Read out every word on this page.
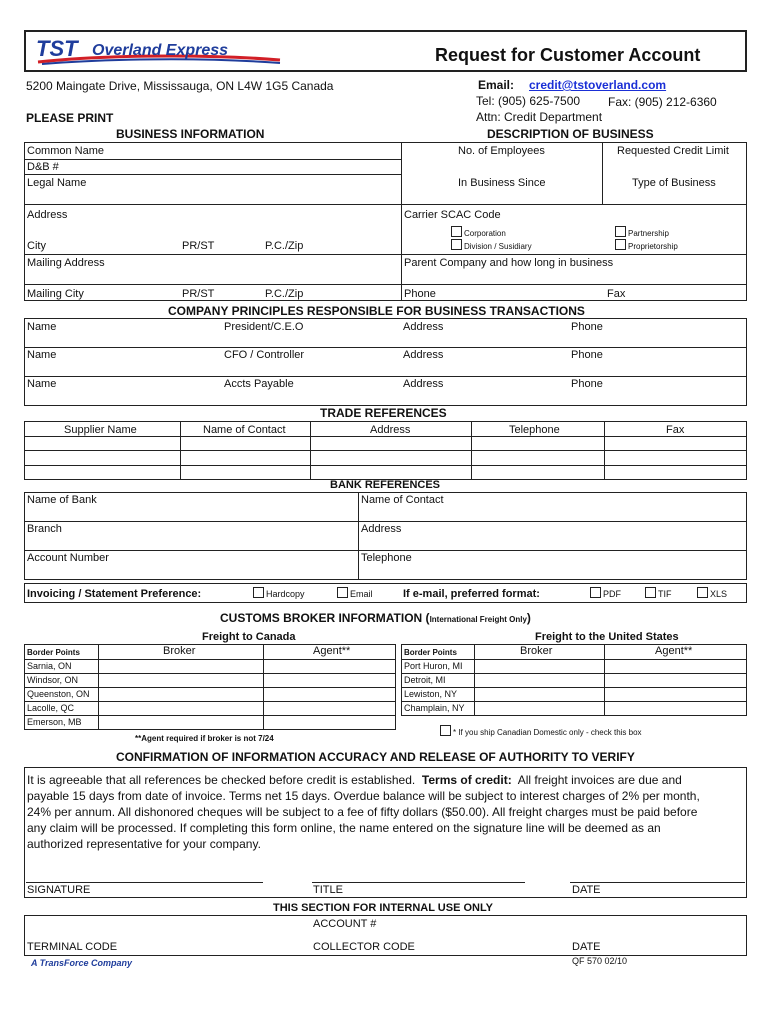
TST Overland Express	Request for Customer Account
5200 Maingate Drive, Mississauga, ON L4W 1G5 Canada	Email: credit@tstoverland.com
Tel: (905) 625-7500 Fax: (905) 212-6360
Attn: Credit Department
PLEASE PRINT
BUSINESS INFORMATION	DESCRIPTION OF BUSINESS
Common Name
D&B #
Legal Name
Address
City	PR/ST	P.C./Zip
Mailing Address
Mailing City	PR/ST	P.C./Zip
No. of Employees	Requested Credit Limit
In Business Since	Type of Business
Carrier SCAC Code
Corporation
Division / Susidiary
Partnership
Proprietorship
Parent Company and how long in business
Phone	Fax
COMPANY PRINCIPLES RESPONSIBLE FOR BUSINESS TRANSACTIONS
Name	President/C.E.O	Address	Phone
Name	CFO / Controller	Address	Phone
Name	Accts Payable	Address	Phone
TRADE REFERENCES
Supplier Name	Name of Contact	Address	Telephone	Fax
BANK REFERENCES
Name of Bank	Name of Contact
Branch	Address
Account Number	Telephone
Invoicing / Statement Preference:	Hardcopy	Email	If e-mail, preferred format:	PDF	TIF	XLS
CUSTOMS BROKER INFORMATION (International Freight Only)
Freight to Canada	Freight to the United States
Border Points	Broker	Agent**
Sarnia, ON
Windsor, ON
Queenston, ON
Lacolle, QC
Emerson, MB
Border Points	Broker	Agent**
Port Huron, MI
Detroit, MI
Lewiston, NY
Champlain, NY
**Agent required if broker is not 7/24
* If you ship Canadian Domestic only - check this box
CONFIRMATION OF INFORMATION ACCURACY AND RELEASE OF AUTHORITY TO VERIFY
It is agreeable that all references be checked before credit is established.  Terms of credit:  All freight invoices are due and
payable 15 days from date of invoice. Terms net 15 days. Overdue balance will be subject to interest charges of 2% per month,
24% per annum. All dishonored cheques will be subject to a fee of fifty dollars ($50.00). All freight charges must be paid before
any claim will be processed. If completing this form online, the name entered on the signature line will be deemed as an
authorized representative for your company.
SIGNATURE	TITLE	DATE
THIS SECTION FOR INTERNAL USE ONLY
ACCOUNT #
TERMINAL CODE	COLLECTOR CODE	DATE
A TransForce Company	QF 570 02/10
